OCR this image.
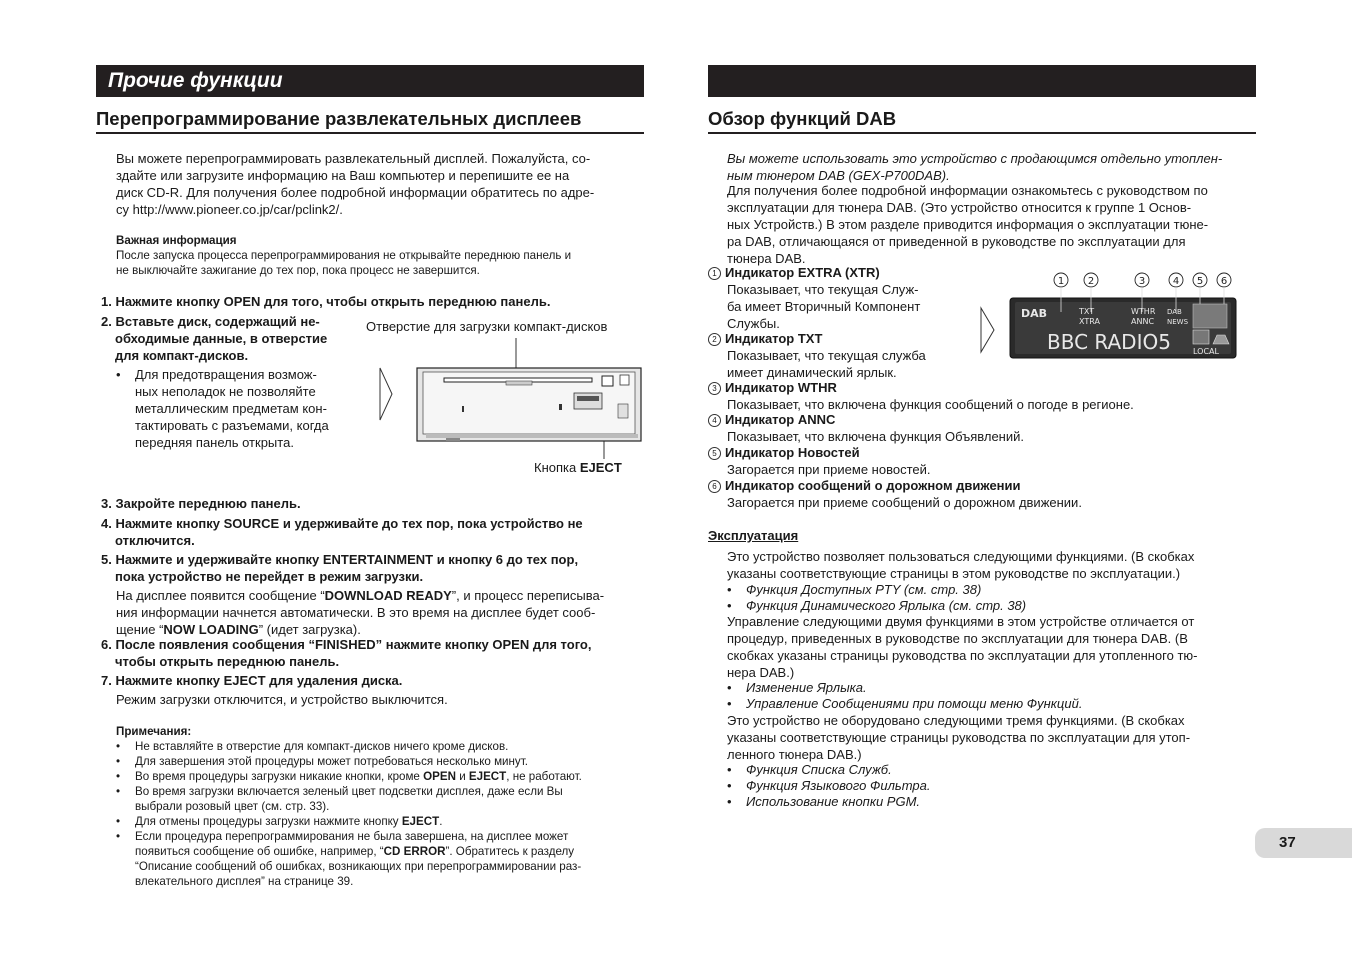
Прочие функции
Перепрограммирование развлекательных дисплеев
Вы можете перепрограммировать развлекательный дисплей. Пожалуйста, со-
здайте или загрузите информацию на Ваш компьютер и перепишите ее на
диск CD-R. Для получения более подробной информации обратитесь по адре-
су http://www.pioneer.co.jp/car/pclink2/.
Важная информация
После запуска процесса перепрограммирования не открывайте переднюю панель и
не выключайте зажигание до тех пор, пока процесс не завершится.
1. Нажмите кнопку OPEN для того, чтобы открыть переднюю панель.
2. Вставьте диск, содержащий не-
обходимые данные, в отверстие
для компакт-дисков.
• Для предотвращения возмож-
ных неполадок не позволяйте
металлическим предметам кон-
тактировать с разъемами, когда
передняя панель открыта.
Отверстие для загрузки компакт-дисков
Кнопка EJECT
3. Закройте переднюю панель.
4. Нажмите кнопку SOURCE и удерживайте до тех пор, пока устройство не
отключится.
5. Нажмите и удерживайте кнопку ENTERTAINMENT и кнопку 6 до тех пор,
пока устройство не перейдет в режим загрузки.
На дисплее появится сообщение “DOWNLOAD READY”, и процесс переписыва-
ния информации начнется автоматически. В это время на дисплее будет сооб-
щение “NOW LOADING” (идет загрузка).
6. После появления сообщения “FINISHED” нажмите кнопку OPEN для того,
чтобы открыть переднюю панель.
7. Нажмите кнопку EJECT для удаления диска.
Режим загрузки отключится, и устройство выключится.
Примечания:
• Не вставляйте в отверстие для компакт-дисков ничего кроме дисков.
• Для завершения этой процедуры может потребоваться несколько минут.
• Во время процедуры загрузки никакие кнопки, кроме OPEN и EJECT, не работают.
• Во время загрузки включается зеленый цвет подсветки дисплея, даже если Вы
выбрали розовый цвет (см. стр. 33).
• Для отмены процедуры загрузки нажмите кнопку EJECT.
• Если процедура перепрограммирования не была завершена, на дисплее может
появиться сообщение об ошибке, например, “CD ERROR”. Обратитесь к разделу
“Описание сообщений об ошибках, возникающих при перепрограммировании раз-
влекательного дисплея” на странице 39.
Обзор функций DAB
Вы можете использовать это устройство с продающимся отдельно утоплен-
ным тюнером DAB (GEX-P700DAB).
Для получения более подробной информации ознакомьтесь с руководством по
эксплуатации для тюнера DAB. (Это устройство относится к группе 1 Основ-
ных Устройств.) В этом разделе приводится информация о эксплуатации тюне-
ра DAB, отличающаяся от приведенной в руководстве по эксплуатации для
тюнера DAB.
1 Индикатор EXTRA (XTR)
Показывает, что текущая Служ-
ба имеет Вторичный Компонент
Службы.
2 Индикатор TXT
Показывает, что текущая служба
имеет динамический ярлык.
3 Индикатор WTHR
Показывает, что включена функция сообщений о погоде в регионе.
4 Индикатор ANNC
Показывает, что включена функция Объявлений.
5 Индикатор Новостей
Загорается при приеме новостей.
6 Индикатор сообщений о дорожном движении
Загорается при приеме сообщений о дорожном движении.
1 2	3	4 5 6
DAB	TXT
XTRA
WTHR
ANNC
DAB
NEWS
BBC RADIO5	LOCAL
Эксплуатация
Это устройство позволяет пользоваться следующими функциями. (В скобках
указаны соответствующие страницы в этом руководстве по эксплуатации.)
• Функция Доступных PTY (см. стр. 38)
• Функция Динамического Ярлыка (см. стр. 38)
Управление следующими двумя функциями в этом устройстве отличается от
процедур, приведенных в руководстве по эксплуатации для тюнера DAB. (В
скобках указаны страницы руководства по эксплуатации для утопленного тю-
нера DAB.)
• Изменение Ярлыка.
• Управление Сообщениями при помощи меню Функций.
Это устройство не оборудовано следующими тремя функциями. (В скобках
указаны соответствующие страницы руководства по эксплуатации для утоп-
ленного тюнера DAB.)
• Функция Списка Служб.
• Функция Языкового Фильтра.
• Использование кнопки PGM.
37
